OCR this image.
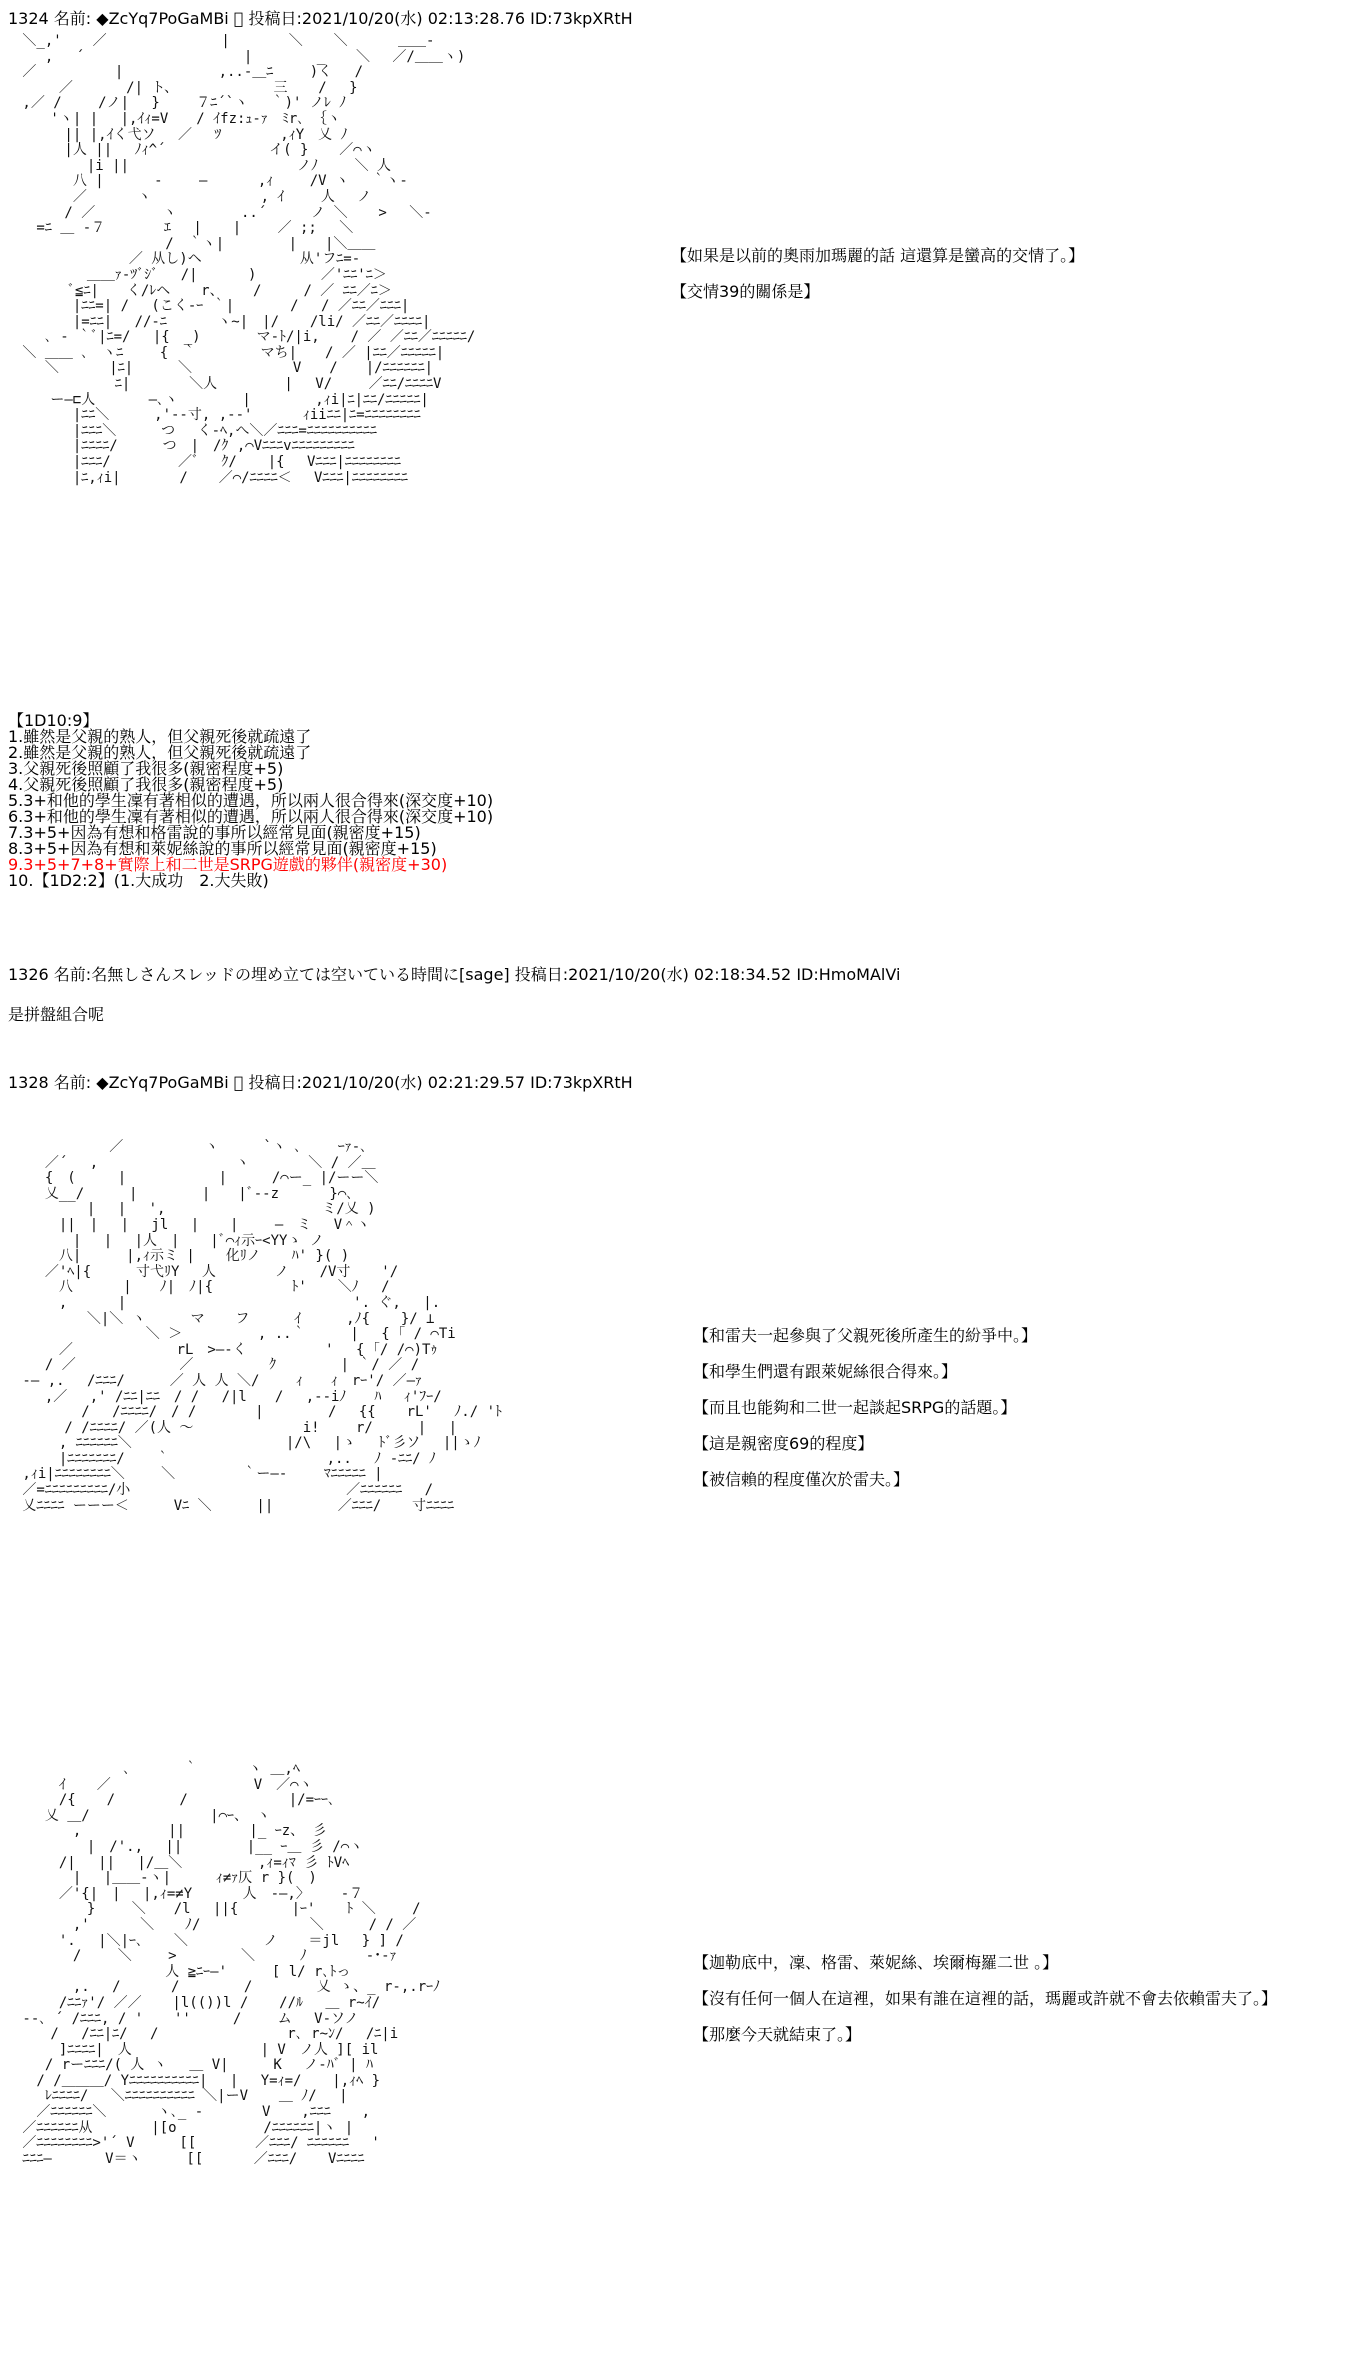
1324 名前: ◆ZcYq7PoGaMBi   投稿日:2021/10/20(水) 02:13:28.76 ID:73kpXRtH
＼_,' 　 ／ 　　　　　　　 | 　　　 ＼ 　 ＼　　　 ＿＿-
　 ,　 ´ 　 　 　　　　　　　 |　　　　 _ 　 ＼　 ／/＿＿ヽ)
／　　　　　 | 　 　　　　 ,..-＿ﾆ　　 )く　 /
　　 ／ 　 　 /| ト、 　　　　 　 三 　 /　 }
,／ /　　 /ノ|　 }　　 ７ﾆ´`ヽ　 ｀)' ノﾚ ﾉ
　　'ヽ| | 　|,ｲｨ=V　　/ ｲfz:ｭ-ｧ　ﾐr､ ｛ヽ
　　　|| |,ｲく弋ソ　 ／ 　ﾂ　 　　 ,ｨY　乂 ﾉ
　　　|人 || 　ﾉｨ^´　　 　 　 　 イ( } 　 ／⌒ヽ
　　　　 |i ||　　　 　 　 　 　　　 ノﾉ 　　＼ 人
　　　 八 |　　　 -　　 ―　　　 ,ｨ　　 /V ヽ　 ｀ヽ‐
　　　 ／　　　 ヽ 　　　　　 　 , ｲ　 　人 　ノ
　　　/ ／ 　　 　 ヽ　　　　 ..´　 　 ノ ＼ 　 >　 ＼‐
　=ﾆ ＿ ‐７ 　　　 ｴ　 | 　 |　　 ／ ;; 　＼
　　　　　　　　 　 /　｀ヽ|　　　　 |　　|＼＿＿
　　　　　　　 ／ 从し)ヘ 　 　 　 　 从'フﾆ=-
　　　　 ＿＿ｧ-ﾂﾞｼﾞ　 /|　　　 )　 　　　／'ﾆﾆ'ﾆ＞
　　　 ﾞ≦ﾆ|　　く/ﾚヘ 　 r、　　 /　　　/ ／ ﾆﾆ／ﾆ＞
　　　 |ﾆﾆ=| / 　(こく‐ｰ ｀|　　　　/　 / ／ﾆﾆ／ﾆﾆﾆ|
　　　 |=ﾆﾆ|　 //-ﾆ 　　　ヽ~|　|/ 　 /li/ ／ﾆﾆ／ﾆﾆﾆﾆ|
　 ､ ‐ ｀ﾞ|ﾆ=/　 |{　_)　　　　マ-ﾄ/|i, 　 / ／ ／ﾆﾆ／ﾆﾆﾆﾆﾆ/
＼ ＿＿ ､　ヽﾆ　　 {　｀　　　　 マち|　　/ ／ |ﾆﾆ／ﾆﾆﾆﾆﾆ|
　 ＼　　　 |ﾆ| 　　 ＼ 　　　　　　 V　　/　　|/ﾆﾆﾆﾆﾆﾆ|
　　　　　　 ﾆ| 　　　 ＼人 　　 　 |　 V/ 　　／ﾆﾆ/ﾆﾆﾆﾆV
　　ー―⊏人 　 　 ―､ヽ 　　　　|　　　　 ,ｨi|ﾆ|ﾆﾆ/ﾆﾆﾆﾆﾆ|
　　　 |ﾆﾆ＼ 　　 ,'‐‐寸, ,-‐'　　　 ｨiiﾆﾆ|ﾆ=ﾆﾆﾆﾆﾆﾆﾆﾆ
　　　 |ﾆﾆﾆ＼ 　　 つ　 く‐ﾍ,へ＼／ﾆﾆﾆ=ﾆﾆﾆﾆﾆﾆﾆﾆﾆﾆ
　　　 |ﾆﾆﾆﾆ/　 　 つ　|　/ｸ ,⌒Vﾆﾆﾆvﾆﾆﾆﾆﾆﾆﾆﾆﾆ
　　　 |ﾆﾆﾆ/ 　　 　 ／ﾞ　 ｸ/ 　 |{　 Vﾆﾆﾆ|ﾆﾆﾆﾆﾆﾆﾆﾆ
　　　 |ﾆ,ｨi|　 　　 / 　 ／⌒/ﾆﾆﾆﾆ＜　 Vﾆﾆﾆ|ﾆﾆﾆﾆﾆﾆﾆﾆ
【如果是以前的奧雨加瑪麗的話 這還算是蠻高的交情了。】
【交情39的關係是】
【1D10:9】
1.雖然是父親的熟人，但父親死後就疏遠了
2.雖然是父親的熟人，但父親死後就疏遠了
3.父親死後照顧了我很多(親密程度+5)
4.父親死後照顧了我很多(親密程度+5)
5.3+和他的學生凜有著相似的遭遇，所以兩人很合得來(深交度+10)
6.3+和他的學生凜有著相似的遭遇，所以兩人很合得來(深交度+10)
7.3+5+因為有想和格雷說的事所以經常見面(親密度+15)
8.3+5+因為有想和萊妮絲說的事所以經常見面(親密度+15)
9.3+5+7+8+實際上和二世是SRPG遊戲的夥伴(親密度+30)
10.【1D2:2】(1.大成功　2.大失敗)
1326 名前:名無しさんスレッドの埋め立ては空いている時間に[sage] 投稿日:2021/10/20(水) 02:18:34.52 ID:HmoMAlVi
是拼盤組合呢
1328 名前: ◆ZcYq7PoGaMBi   投稿日:2021/10/20(水) 02:21:29.57 ID:73kpXRtH
　　 　　　 ／ 　 　　　 ヽ 　　 `ヽ ､　　 ｰｧ-､
　 ／´　 , 　　 　　　　　　 ヽ 　　　 ＼ / ／＿
　 {　(　　　|　　　　　　 | 　　 /⌒ー_ |/ーー＼
　 乂__/　 　 |　　　　 |　　|ﾞ‐-z　　　 }⌒､
　　　　 |　 |　 ', 　　　　　　　　　　 ミ/乂 )
　　 ||　|　 |　 jl　 | 　 |　　 ―　ミ 　V＾ヽ
　　　 |　 |　 |人　| 　 |ﾞ⌒ｨ示ｰ<YYゝ ノ
　　 八|　 　 |,ｨ示ミ | 　 化ﾘノ 　 ﾊ' }( )
　 ／'ﾍ|{　 　 寸弋ﾘY 　人 　　　 ノ 　 /V寸 　 '/
　　 八　　　 |　　ﾉ|　ﾉ|{　　　　　 ﾄ' 　 ＼ﾉ　 /
　　 ,　　　 |　　　　　 　 　 　 　 　　 　 '. ぐ,　 |.
　　　　 ＼|＼ ヽ 　　 マ 　 フ 　　 ｲ 　　 ,ﾉ{ 　 }/ ⊥
　　　　 　 　　 ＼ ＞ 　 　 　 , ..｀ 　　 |　 { ｢ / ⌒Ti
　　 ／ 　 　　　 　 rL　>―‐く　　　　　 '　 { ｢/ /⌒)Tｩ
　 / ／　　 　 　 　 ／ 　 　 　 ｸ　　　　 | ｀/ ／ /
‐― ,.　 /ﾆﾆﾆ/ 　　 ／ 人 人 ＼/　　 ｨ　　ｨ　rｰ'/ ／―ｧ
　 ,／　 ,' /ﾆﾆ|ﾆﾆ　/ /　 /|l　　/　 ,--iﾉ　　ﾊ 　ｨ'ﾌｰ/
　　 　 / 　/ﾆﾆﾆﾆ/　/ /　 　　 |　　　　 /　 {{ 　 rL'　 ﾉ./ 'ﾄ
　　　/ /ﾆﾆﾆﾆ/ ／(人 ～ 　　　 　 　　i!　　 r/ 　　 |　 |
　　 , ﾆﾆﾆﾆﾆﾆ＼　 　　 　 　 　　　 |/\　 |ゝ　 ﾄﾞ彡ソ　 ||ゝﾉ
　　 |ﾆﾆﾆﾆﾆﾆﾆ/ 　 ｀ 　 　 　　 　 　 　 ,.. 　ﾉ ‐ﾆﾆ/ ﾉ
,ｨi|ﾆﾆﾆﾆﾆﾆﾆﾆ＼　　 ＼ 　　 　 ｀ー―‐　　 ﾏﾆﾆﾆﾆﾆ |
／=ﾆﾆﾆﾆﾆﾆﾆﾆﾆ/小 　　 　 　 　 　　 　 　 　 ／ﾆﾆﾆﾆﾆﾆ　 /
乂ﾆﾆﾆﾆ ーーー＜ 　　 Vﾆ ＼ 　　 ||　　　　 ／ﾆﾆﾆ/ 　 寸ﾆﾆﾆﾆ
【和雷夫一起參與了父親死後所產生的紛爭中。】
【和學生們還有跟萊妮絲很合得來。】
【而且也能夠和二世一起談起SRPG的話題。】
【這是親密度69的程度】
【被信賴的程度僅次於雷夫。】
　 　　　　　 ､ 　 　 ｀ 　　　ヽ ＿,ﾍ
　　 ｲ 　 ／ 　 　 　 　 　 　 V　／⌒ヽ
　　 /{ 　 /　　　　 /　　　　　 　 |/=ｰｰ､
　 乂 ＿/　　　　　　　　 |⌒ｰ、 ヽ
　　　 ,　 　　　　 ||　　　　 |_ ｰz、 彡
　　　　 |　/'.,　 ||　　　　 |__ ｰ＿ 彡 /⌒ヽ
　　 /|　 ||　 |/＿＼ 　 　 　 ,ｨ=ｨﾏ 彡 ﾄVﾍ
　　　 |　 |＿＿-ヽ|　 　 ｨ≠ｧ仄 r }(　)
　　 ／'{|　|　 |,ｨ=≠Y　　　 人　-―,〉 　 -７
　　　　 }　　 ＼　　/l　 ||{ 　 　 |ｰ' 　 ﾄ ＼ 　　/
　　　 ,'　　　 ＼ 　 ﾉ/ 　　　　　 　 ＼ 　 　/ / ／
　　 '.　 |＼|ｰ､ 　 ＼ 　 　 　 ノ 　 ＝jl 　} ] /
　　　 /　　 ＼　　 >　　　　 ＼ 　　 ﾉ　　 　 -･‐ｧ
　　　　　　　　 　 人 ≧ﾆｰ―' 　　 [ l/ r､ﾄっ
　　　 ,.　 /　　　 /　　　　 /　　　　 乂 ゝ、_ r-,.rｰﾉ
　　 /ﾆﾆｧ'/ ／／ 　 |l(())l / 　 //ﾙ　 ＿ r~ｲ/
‐‐､ ´ /ﾆﾆﾆ, / ' 　 ''　　　/　　 ム　 V-ソノ
　　/ 　/ﾆﾆ|ﾆ/ 　/　　　　　　　 　 r､ r~ﾝ/ 　/ﾆ|i
　　 ]ﾆﾆﾆﾆ|　人　　　　　　　 　 | V　ノ人 ][ il
　 / rーﾆﾆﾆ/( 人 ヽ 　＿ V|　 　 K　 ノ-ﾊﾞ | ﾊ
　/ /＿＿＿/ Yﾆﾆﾆﾆﾆﾆﾆﾆﾆﾆ|　 |　 Y=ｨ=/ 　 |,ｨﾍ }
　 ﾚﾆﾆﾆﾆ/　 ＼ﾆﾆﾆﾆﾆﾆﾆﾆﾆﾆ ＼|ーV 　 ＿ ﾉ/ 　|
　／ﾆﾆﾆﾆﾆﾆ＼　　　 ヽ､_ ‐ 　　　 V 　 ,ﾆﾆﾆ 　 ,
／ﾆﾆﾆﾆﾆﾆ从 　　　 |[o 　　　　　 /ﾆﾆﾆﾆﾆﾆ|ヽ |
／ﾆﾆﾆﾆﾆﾆﾆﾆ>'´ V 　　 [[ 　　　 ／ﾆﾆﾆ/ ﾆﾆﾆﾆﾆﾆ　 '
ﾆﾆﾆ― 　 　 V＝ヽ 　　 [[ 　　　／ﾆﾆﾆ/ 　 Vﾆﾆﾆﾆ
【迦勒底中，凜、格雷、萊妮絲、埃爾梅羅二世 。】
【沒有任何一個人在這裡，如果有誰在這裡的話，瑪麗或許就不會去依賴雷夫了。】
【那麼今天就結束了。】
